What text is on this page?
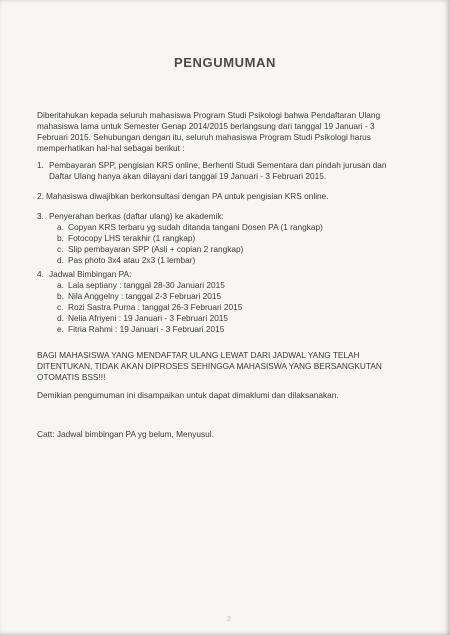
PENGUMUMAN
Diberitahukan kepada seluruh mahasiswa Program Studi Psikologi bahwa Pendaftaran Ulang
mahasiswa lama untuk Semester Genap 2014/2015 berlangsung dari tanggal 19 Januari - 3
Februari 2015. Sehubungan dengan itu, seluruh mahasiswa Program Studi Psikologi harus
memperhatikan hal-hal sebagai berikut :
1. Pembayaran SPP, pengisian KRS online, Berhenti Studi Sementara dan pindah jurusan dan
Daftar Ulang hanya akan dilayani dari tanggal 19 Januari - 3 Februari 2015.
2. Mahasiswa diwajibkan berkonsultasi dengan PA untuk pengisian KRS online.
3. Penyerahan berkas (daftar ulang) ke akademik:
a. Copyan KRS terbaru yg sudah ditanda tangani Dosen PA (1 rangkap)
b. Fotocopy LHS terakhir (1 rangkap)
c. Slip pembayaran SPP (Asli + copian 2 rangkap)
d. Pas photo 3x4 atau 2x3 (1 lembar)
4. Jadwal Bimbingan PA:
a. Lala septiany : tanggal 28-30 Januari 2015
b. Nila Anggelny : tanggal 2-3 Februari 2015
c. Rozi Sastra Purna : tanggal 26-3 Februari 2015
d. Nelia Afriyeni : 19 Januari - 3 Februari 2015
e. Fitria Rahmi : 19 Januari - 3 Februari 2015
BAGI MAHASISWA YANG MENDAFTAR ULANG LEWAT DARI JADWAL YANG TELAH
DITENTUKAN, TIDAK AKAN DIPROSES SEHINGGA MAHASISWA YANG BERSANGKUTAN
OTOMATIS BSS!!!
Demikian pengumuman ini disampaikan untuk dapat dimaklumi dan dilaksanakan.
Catt: Jadwal bimbingan PA yg belum, Menyusul.
2
